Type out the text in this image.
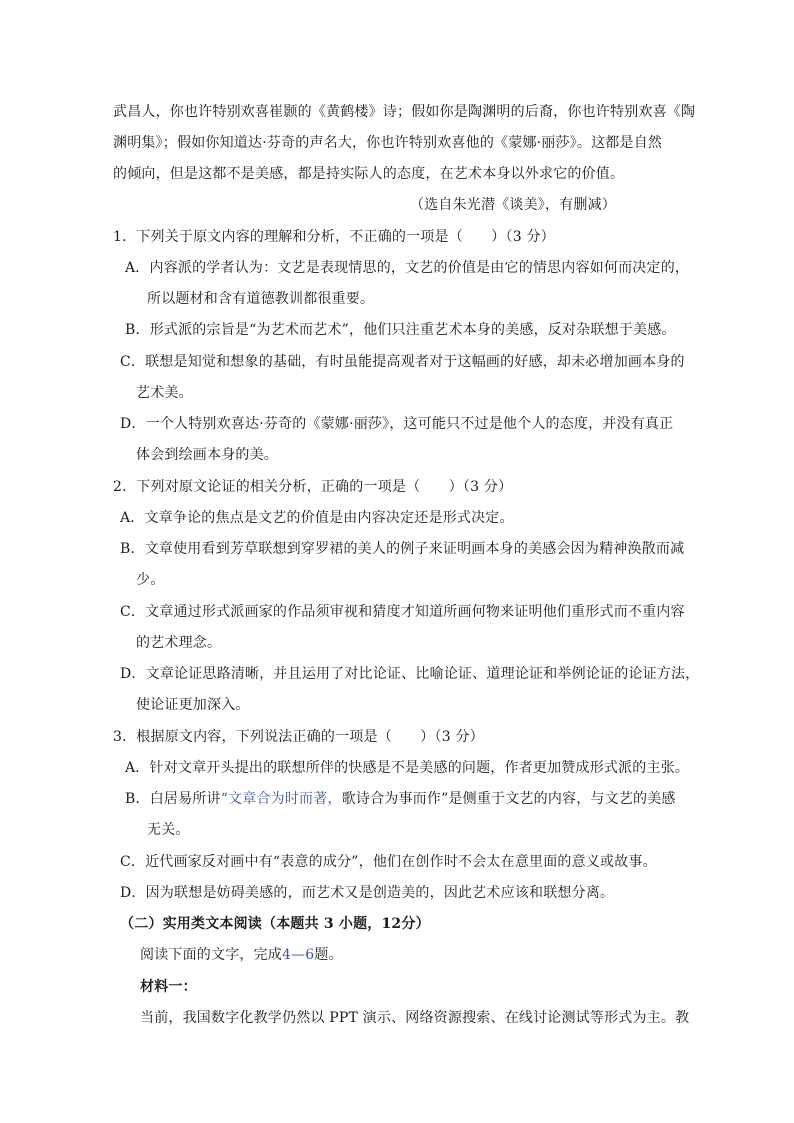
武昌人，你也许特别欢喜崔颢的《黄鹤楼》诗；假如你是陶渊明的后裔，你也许特别欢喜《陶
渊明集》；假如你知道达·芬奇的声名大，你也许特别欢喜他的《蒙娜·丽莎》。这都是自然
的倾向，但是这都不是美感，都是持实际人的态度，在艺术本身以外求它的价值。
（选自朱光潜《谈美》，有删减）
1．下列关于原文内容的理解和分析，不正确的一项是（　　）（3 分）
A．内容派的学者认为：文艺是表现情思的，文艺的价值是由它的情思内容如何而决定的，
所以题材和含有道德教训都很重要。
B．形式派的宗旨是“为艺术而艺术”，他们只注重艺术本身的美感，反对杂联想于美感。
C．联想是知觉和想象的基础，有时虽能提高观者对于这幅画的好感，却未必增加画本身的
艺术美。
D．一个人特别欢喜达·芬奇的《蒙娜·丽莎》，这可能只不过是他个人的态度，并没有真正
体会到绘画本身的美。
2．下列对原文论证的相关分析，正确的一项是（　　）（3 分）
A．文章争论的焦点是文艺的价值是由内容决定还是形式决定。
B．文章使用看到芳草联想到穿罗裙的美人的例子来证明画本身的美感会因为精神涣散而减
少。
C．文章通过形式派画家的作品须审视和猜度才知道所画何物来证明他们重形式而不重内容
的艺术理念。
D．文章论证思路清晰，并且运用了对比论证、比喻论证、道理论证和举例论证的论证方法，
使论证更加深入。
3．根据原文内容，下列说法正确的一项是（　　）（3 分）
A．针对文章开头提出的联想所伴的快感是不是美感的问题，作者更加赞成形式派的主张。
B．白居易所讲“文章合为时而著，歌诗合为事而作”是侧重于文艺的内容，与文艺的美感
无关。
C．近代画家反对画中有“表意的成分”，他们在创作时不会太在意里面的意义或故事。
D．因为联想是妨碍美感的，而艺术又是创造美的，因此艺术应该和联想分离。
（二）实用类文本阅读（本题共 3 小题，12分）
阅读下面的文字，完成4—6题。
材料一：
当前，我国数字化教学仍然以 PPT 演示、网络资源搜索、在线讨论测试等形式为主。教
